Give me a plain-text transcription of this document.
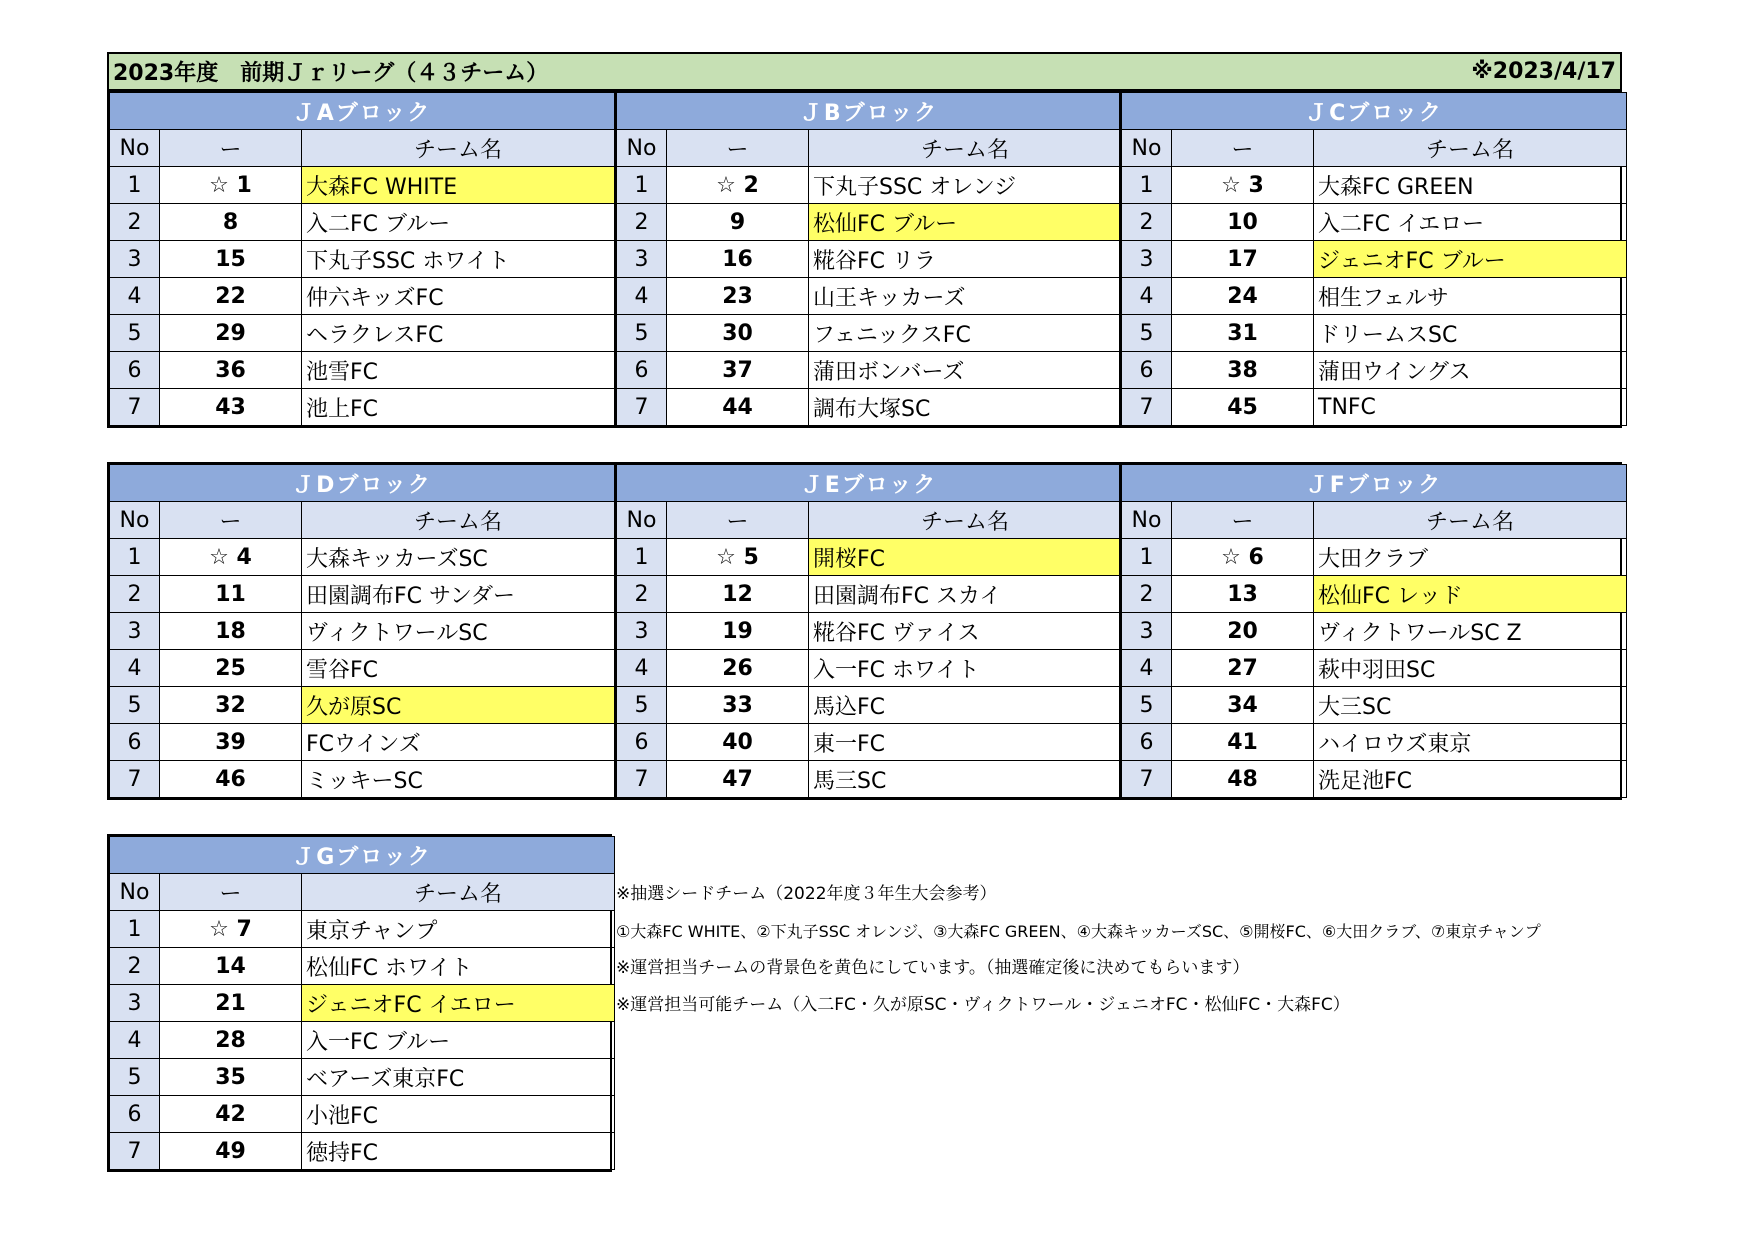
2023年度　前期Ｊｒリーグ（４３チーム）	※2023/4/17
ＪAブロック		
No	ー	チーム名
1	☆ 1	大森FC WHITE
2	8	入二FC ブルー
3	15	下丸子SSC ホワイト
4	22	仲六キッズFC
5	29	ヘラクレスFC
6	36	池雪FC
7	43	池上FC
ＪBブロック		
No	ー	チーム名
1	☆ 2	下丸子SSC オレンジ
2	9	松仙FC ブルー
3	16	糀谷FC リラ
4	23	山王キッカーズ
5	30	フェニックスFC
6	37	蒲田ボンバーズ
7	44	調布大塚SC
ＪCブロック		
No	ー	チーム名
1	☆ 3	大森FC GREEN
2	10	入二FC イエロー
3	17	ジェニオFC ブルー
4	24	相生フェルサ
5	31	ドリームスSC
6	38	蒲田ウイングス
7	45	TNFC
ＪDブロック		
No	ー	チーム名
1	☆ 4	大森キッカーズSC
2	11	田園調布FC サンダー
3	18	ヴィクトワールSC
4	25	雪谷FC
5	32	久が原SC
6	39	FCウインズ
7	46	ミッキーSC
ＪEブロック		
No	ー	チーム名
1	☆ 5	開桜FC
2	12	田園調布FC スカイ
3	19	糀谷FC ヴァイス
4	26	入一FC ホワイト
5	33	馬込FC
6	40	東一FC
7	47	馬三SC
ＪFブロック		
No	ー	チーム名
1	☆ 6	大田クラブ
2	13	松仙FC レッド
3	20	ヴィクトワールSC Z
4	27	萩中羽田SC
5	34	大三SC
6	41	ハイロウズ東京
7	48	洗足池FC
ＪGブロック		
No	ー	チーム名
1	☆ 7	東京チャンプ
2	14	松仙FC ホワイト
3	21	ジェニオFC イエロー
4	28	入一FC ブルー
5	35	ベアーズ東京FC
6	42	小池FC
7	49	徳持FC
※抽選シードチーム（2022年度３年生大会参考）
①大森FC WHITE、②下丸子SSC オレンジ、③大森FC GREEN、④大森キッカーズSC、⑤開桜FC、⑥大田クラブ、⑦東京チャンプ
※運営担当チームの背景色を黄色にしています。（抽選確定後に決めてもらいます）
※運営担当可能チーム（入二FC・久が原SC・ヴィクトワール・ジェニオFC・松仙FC・大森FC）
